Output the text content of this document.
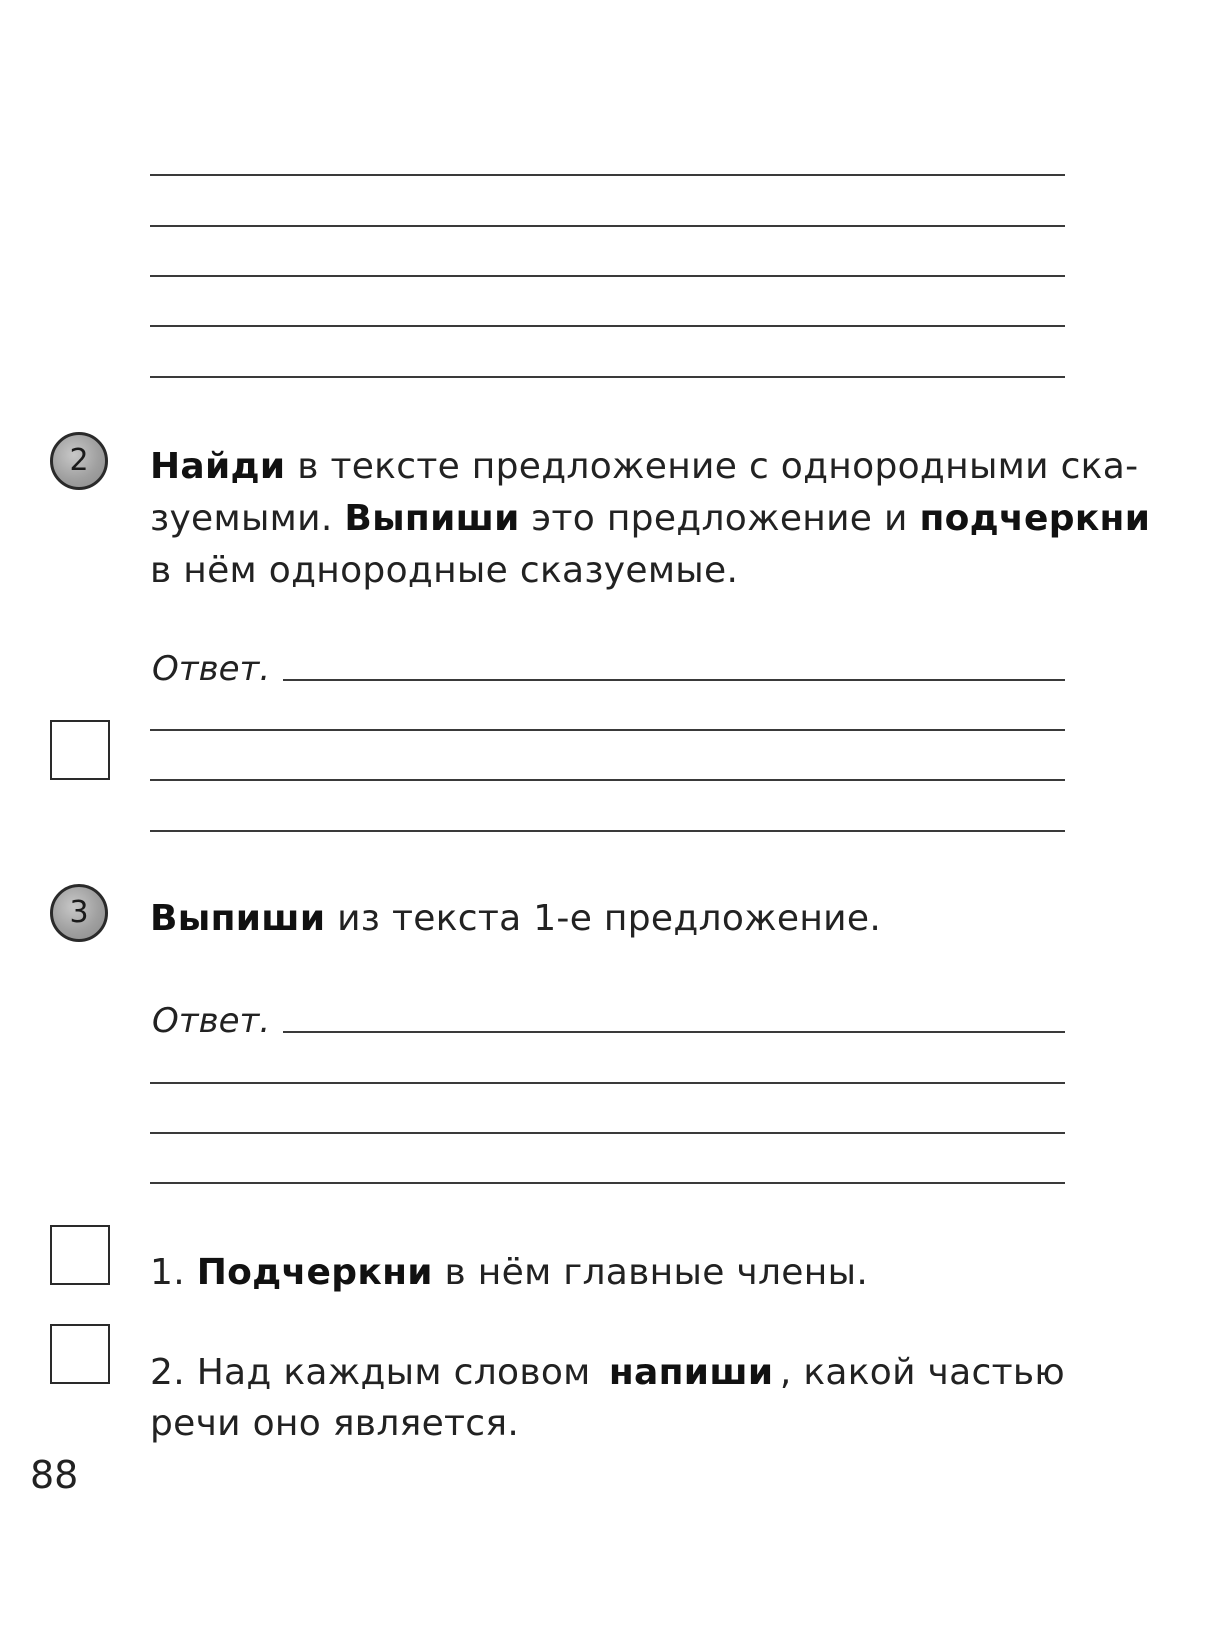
2 Найди в тексте предложение с однородными ска-

зуемыми. Выпиши это предложение и подчеркни

в нём однородные сказуемые.

Ответ.
3 Выпиши из текста 1-е предложение.

Ответ.

1. Подчеркни в нём главные члены.

2. Над каждым словом напиши , какой частью

речи оно является.

88
